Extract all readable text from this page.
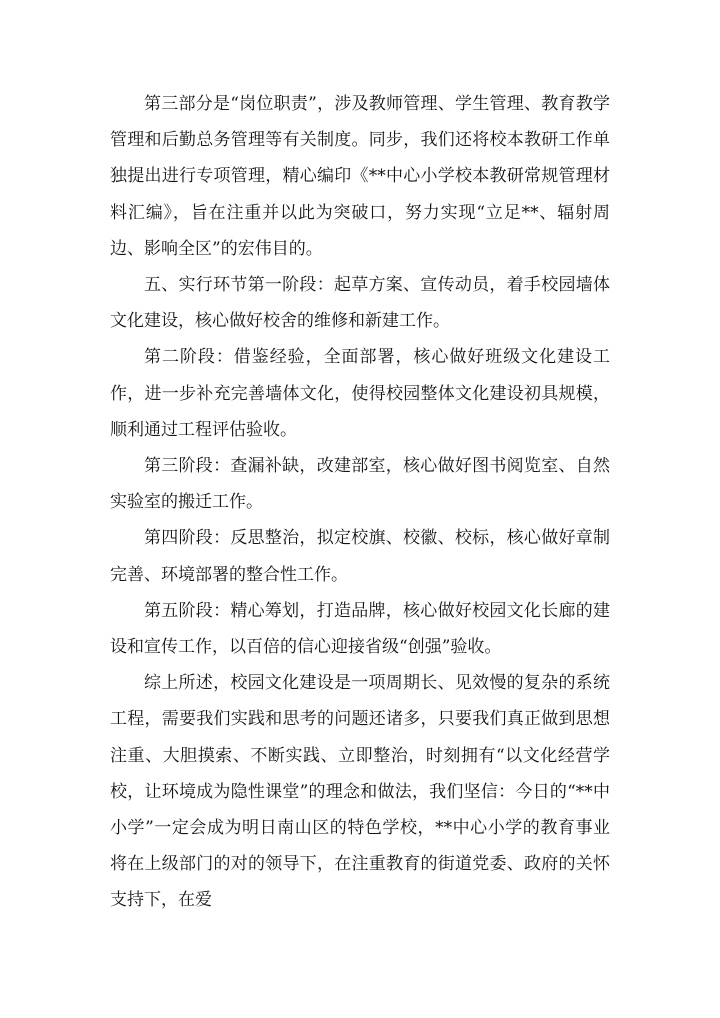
第三部分是“岗位职责”，涉及教师管理、学生管理、教育教学管理和后勤总务管理等有关制度。同步，我们还将校本教研工作单独提出进行专项管理，精心编印《**中心小学校本教研常规管理材料汇编》，旨在注重并以此为突破口，努力实现“立足**、辐射周边、影响全区”的宏伟目的。

五、实行环节第一阶段：起草方案、宣传动员，着手校园墙体文化建设，核心做好校舍的维修和新建工作。

第二阶段：借鉴经验，全面部署，核心做好班级文化建设工作，进一步补充完善墙体文化，使得校园整体文化建设初具规模，顺利通过工程评估验收。

第三阶段：查漏补缺，改建部室，核心做好图书阅览室、自然实验室的搬迁工作。

第四阶段：反思整治，拟定校旗、校徽、校标，核心做好章制完善、环境部署的整合性工作。

第五阶段：精心筹划，打造品牌，核心做好校园文化长廊的建设和宣传工作，以百倍的信心迎接省级“创强”验收。

综上所述，校园文化建设是一项周期长、见效慢的复杂的系统工程，需要我们实践和思考的问题还诸多，只要我们真正做到思想注重、大胆摸索、不断实践、立即整治，时刻拥有“以文化经营学校，让环境成为隐性课堂”的理念和做法，我们坚信：今日的“**中小学”一定会成为明日南山区的特色学校，**中心小学的教育事业将在上级部门的对的领导下，在注重教育的街道党委、政府的关怀支持下，在爱
